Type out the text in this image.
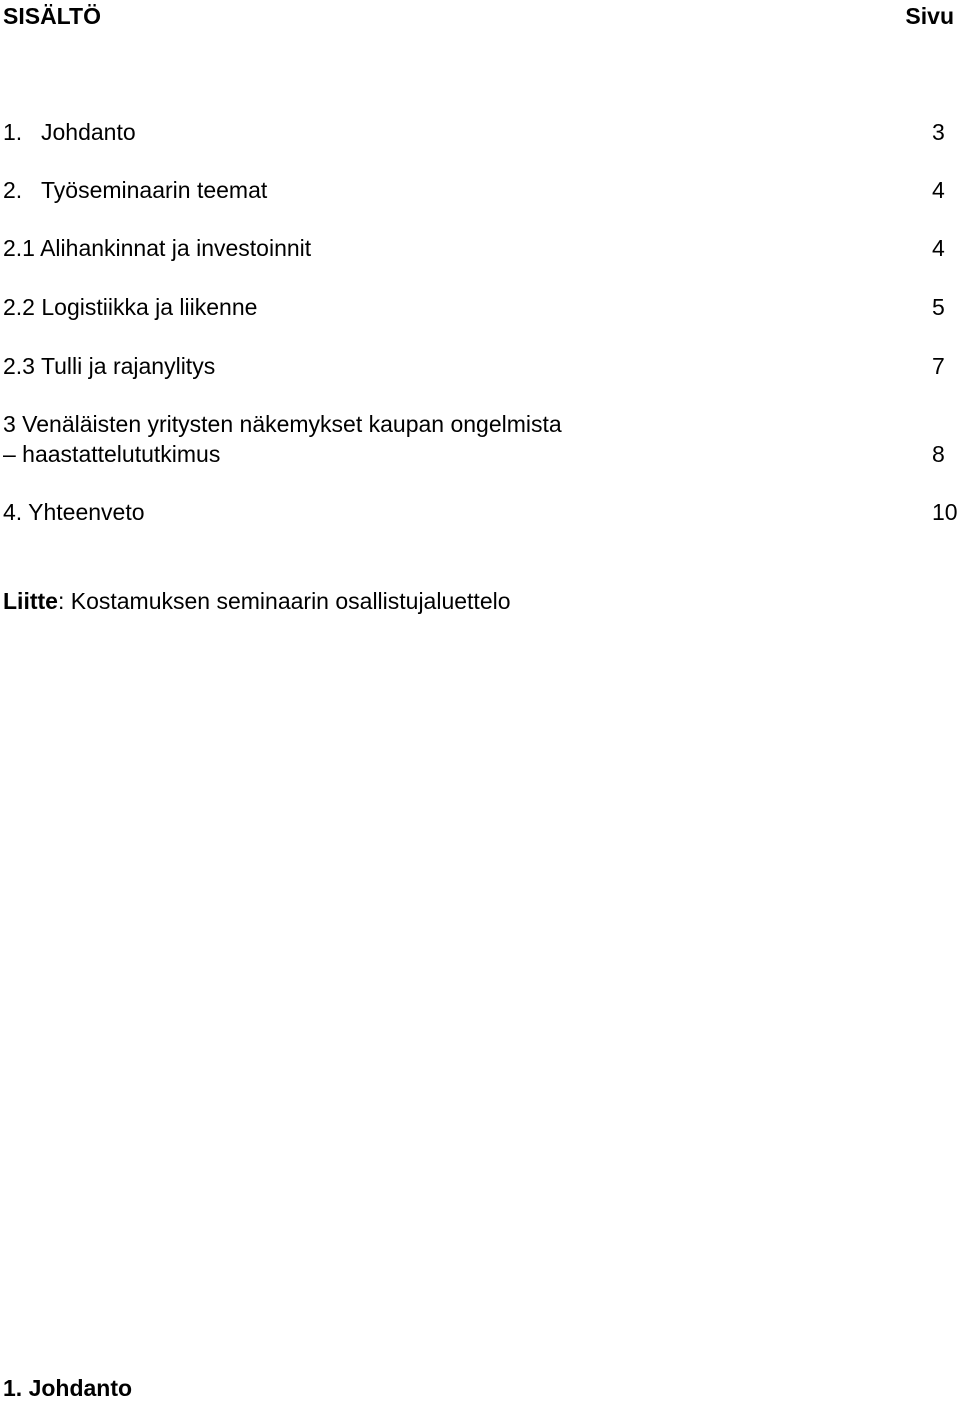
SISÄLTÖ	Sivu
1. Johdanto	3
2. Työseminaarin teemat	4
2.1 Alihankinnat ja investoinnit	4
2.2 Logistiikka ja liikenne	5
2.3 Tulli ja rajanylitys	7
3 Venäläisten yritysten näkemykset kaupan ongelmista
– haastattelututkimus	8
4. Yhteenveto	10
Liitte: Kostamuksen seminaarin osallistujaluettelo
1. Johdanto
